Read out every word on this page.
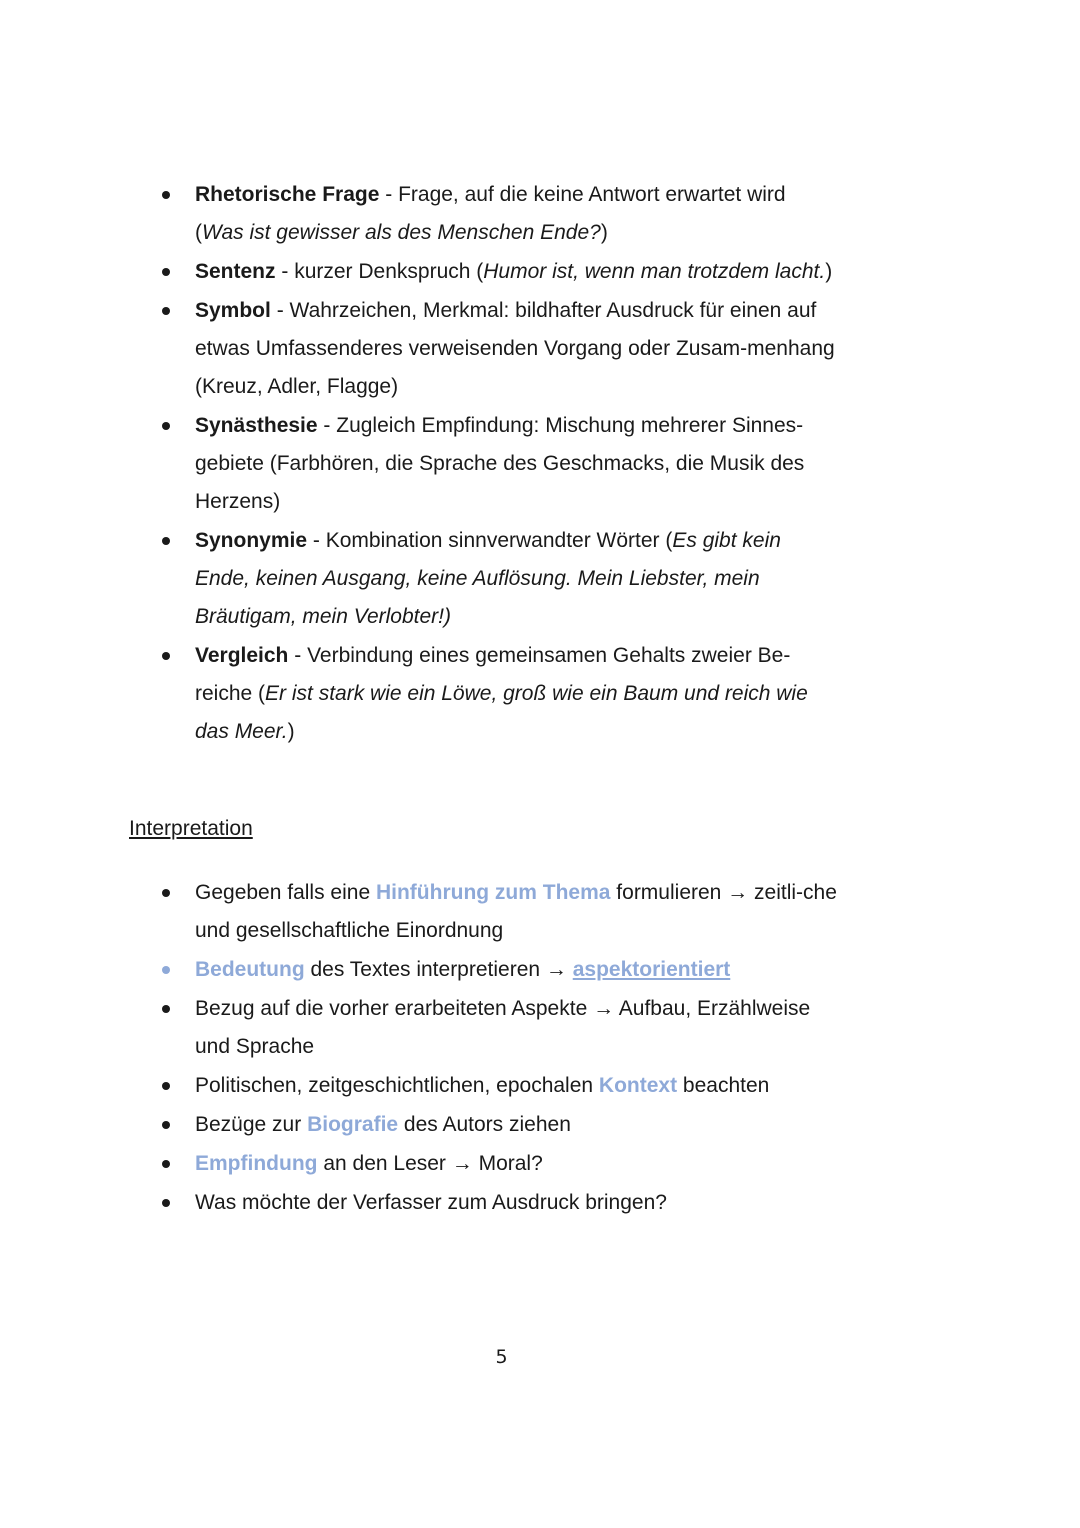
Rhetorische Frage - Frage, auf die keine Antwort erwartet wird (Was ist gewisser als des Menschen Ende?)
Sentenz - kurzer Denkspruch (Humor ist, wenn man trotzdem lacht.)
Symbol - Wahrzeichen, Merkmal: bildhafter Ausdruck für einen auf etwas Umfassenderes verweisenden Vorgang oder Zusam-menhang (Kreuz, Adler, Flagge)
Synästhesie - Zugleich Empfindung: Mischung mehrerer Sinnes-gebiete (Farbhören, die Sprache des Geschmacks, die Musik des Herzens)
Synonymie - Kombination sinnverwandter Wörter (Es gibt kein Ende, keinen Ausgang, keine Auflösung. Mein Liebster, mein Bräutigam, mein Verlobter!)
Vergleich - Verbindung eines gemeinsamen Gehalts zweier Be-reiche (Er ist stark wie ein Löwe, groß wie ein Baum und reich wie das Meer.)
Interpretation
Gegeben falls eine Hinführung zum Thema formulieren → zeitli-che und gesellschaftliche Einordnung
Bedeutung des Textes interpretieren → aspektorientiert
Bezug auf die vorher erarbeiteten Aspekte → Aufbau, Erzählweise und Sprache
Politischen, zeitgeschichtlichen, epochalen Kontext beachten
Bezüge zur Biografie des Autors ziehen
Empfindung an den Leser → Moral?
Was möchte der Verfasser zum Ausdruck bringen?
5
